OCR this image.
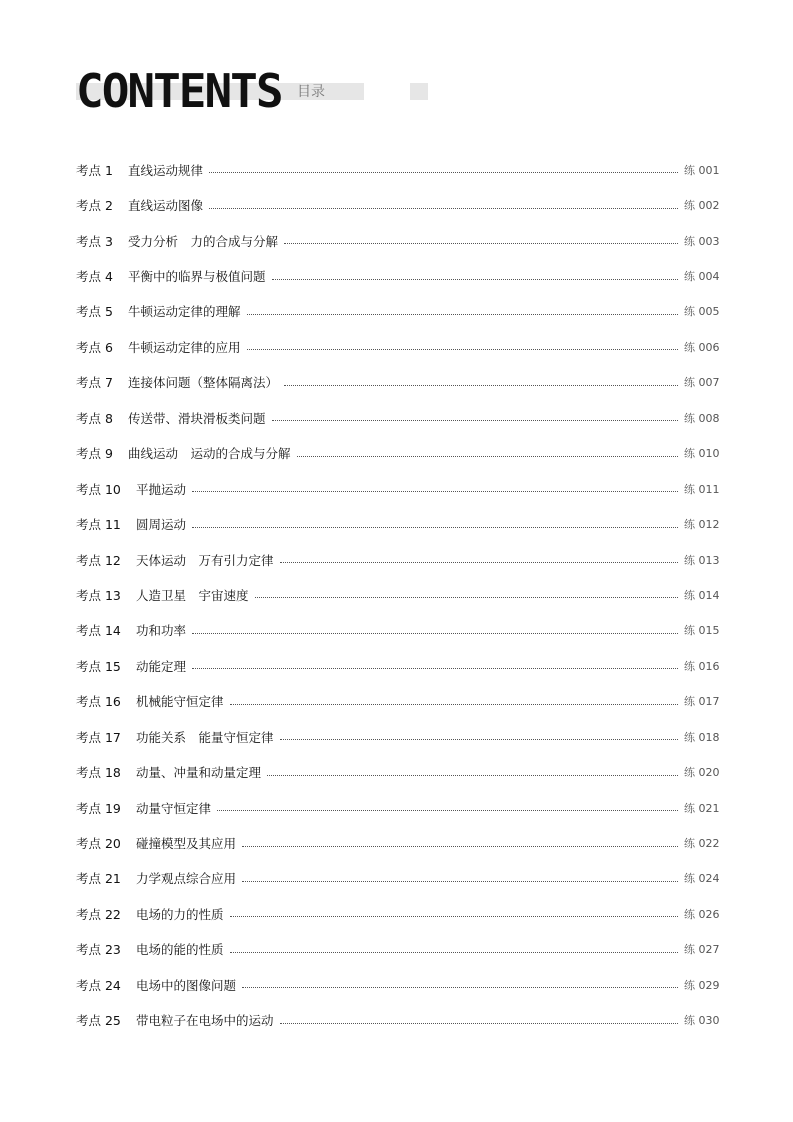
CONTENTS 目录
考点 1	直线运动规律	练 001
考点 2	直线运动图像	练 002
考点 3	受力分析　力的合成与分解	练 003
考点 4	平衡中的临界与极值问题	练 004
考点 5	牛顿运动定律的理解	练 005
考点 6	牛顿运动定律的应用	练 006
考点 7	连接体问题（整体隔离法）	练 007
考点 8	传送带、滑块滑板类问题	练 008
考点 9	曲线运动　运动的合成与分解	练 010
考点 10	平抛运动	练 011
考点 11	圆周运动	练 012
考点 12	天体运动　万有引力定律	练 013
考点 13	人造卫星　宇宙速度	练 014
考点 14	功和功率	练 015
考点 15	动能定理	练 016
考点 16	机械能守恒定律	练 017
考点 17	功能关系　能量守恒定律	练 018
考点 18	动量、冲量和动量定理	练 020
考点 19	动量守恒定律	练 021
考点 20	碰撞模型及其应用	练 022
考点 21	力学观点综合应用	练 024
考点 22	电场的力的性质	练 026
考点 23	电场的能的性质	练 027
考点 24	电场中的图像问题	练 029
考点 25	带电粒子在电场中的运动	练 030
